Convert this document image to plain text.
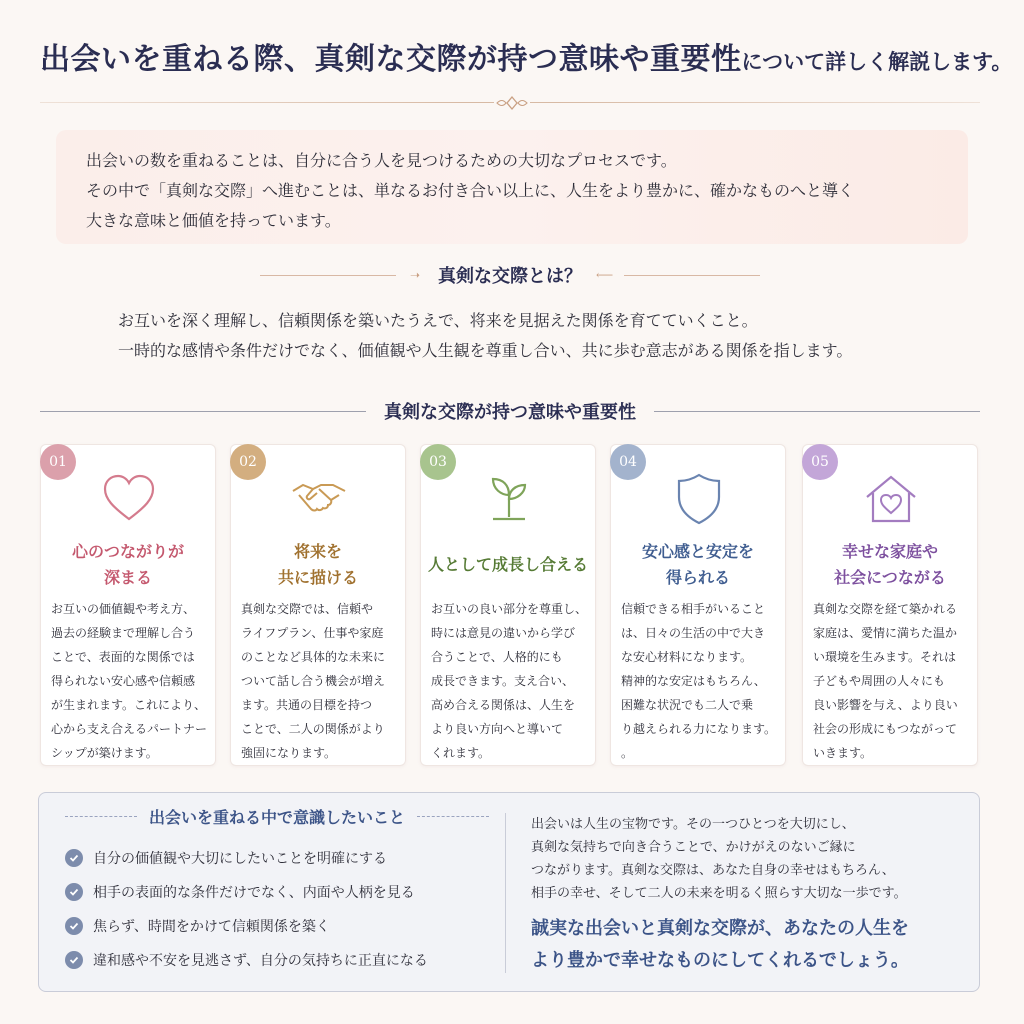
出会いを重ねる際、真剣な交際が持つ意味や重要性について詳しく解説します。

出会いの数を重ねることは、自分に合う人を見つけるための大切なプロセスです。

その中で「真剣な交際」へ進むことは、単なるお付き合い以上に、人生をより豊かに、確かなものへと導く

大きな意味と価値を持っています。

➝ 真剣な交際とは？ ⟵

お互いを深く理解し、信頼関係を築いたうえで、将来を見据えた関係を育てていくこと。

一時的な感情や条件だけでなく、価値観や人生観を尊重し合い、共に歩む意志がある関係を指します。

真剣な交際が持つ意味や重要性
01
心のつながりが
深まる
お互いの価値観や考え方、
過去の経験まで理解し合う
ことで、表面的な関係では
得られない安心感や信頼感
が生まれます。これにより、
心から支え合えるパートナー
シップが築けます。
02
将来を
共に描ける
真剣な交際では、信頼や
ライフプラン、仕事や家庭
のことなど具体的な未来に
ついて話し合う機会が増え
ます。共通の目標を持つ
ことで、二人の関係がより
強固になります。
03
人として成長し合える
お互いの良い部分を尊重し、
時には意見の違いから学び
合うことで、人格的にも
成長できます。支え合い、
高め合える関係は、人生を
より良い方向へと導いて
くれます。
04
安心感と安定を
得られる
信頼できる相手がいること
は、日々の生活の中で大き
な安心材料になります。
精神的な安定はもちろん、
困難な状況でも二人で乗
り越えられる力になります。
。
05
幸せな家庭や
社会につながる
真剣な交際を経て築かれる
家庭は、愛情に満ちた温か
い環境を生みます。それは
子どもや周囲の人々にも
良い影響を与え、より良い
社会の形成にもつながって
いきます。
出会いを重ねる中で意識したいこと
自分の価値観や大切にしたいことを明確にする
相手の表面的な条件だけでなく、内面や人柄を見る
焦らず、時間をかけて信頼関係を築く
違和感や不安を見逃さず、自分の気持ちに正直になる
出会いは人生の宝物です。その一つひとつを大切にし、
真剣な気持ちで向き合うことで、かけがえのないご縁に
つながります。真剣な交際は、あなた自身の幸せはもちろん、
相手の幸せ、そして二人の未来を明るく照らす大切な一歩です。
誠実な出会いと真剣な交際が、あなたの人生を
より豊かで幸せなものにしてくれるでしょう。
